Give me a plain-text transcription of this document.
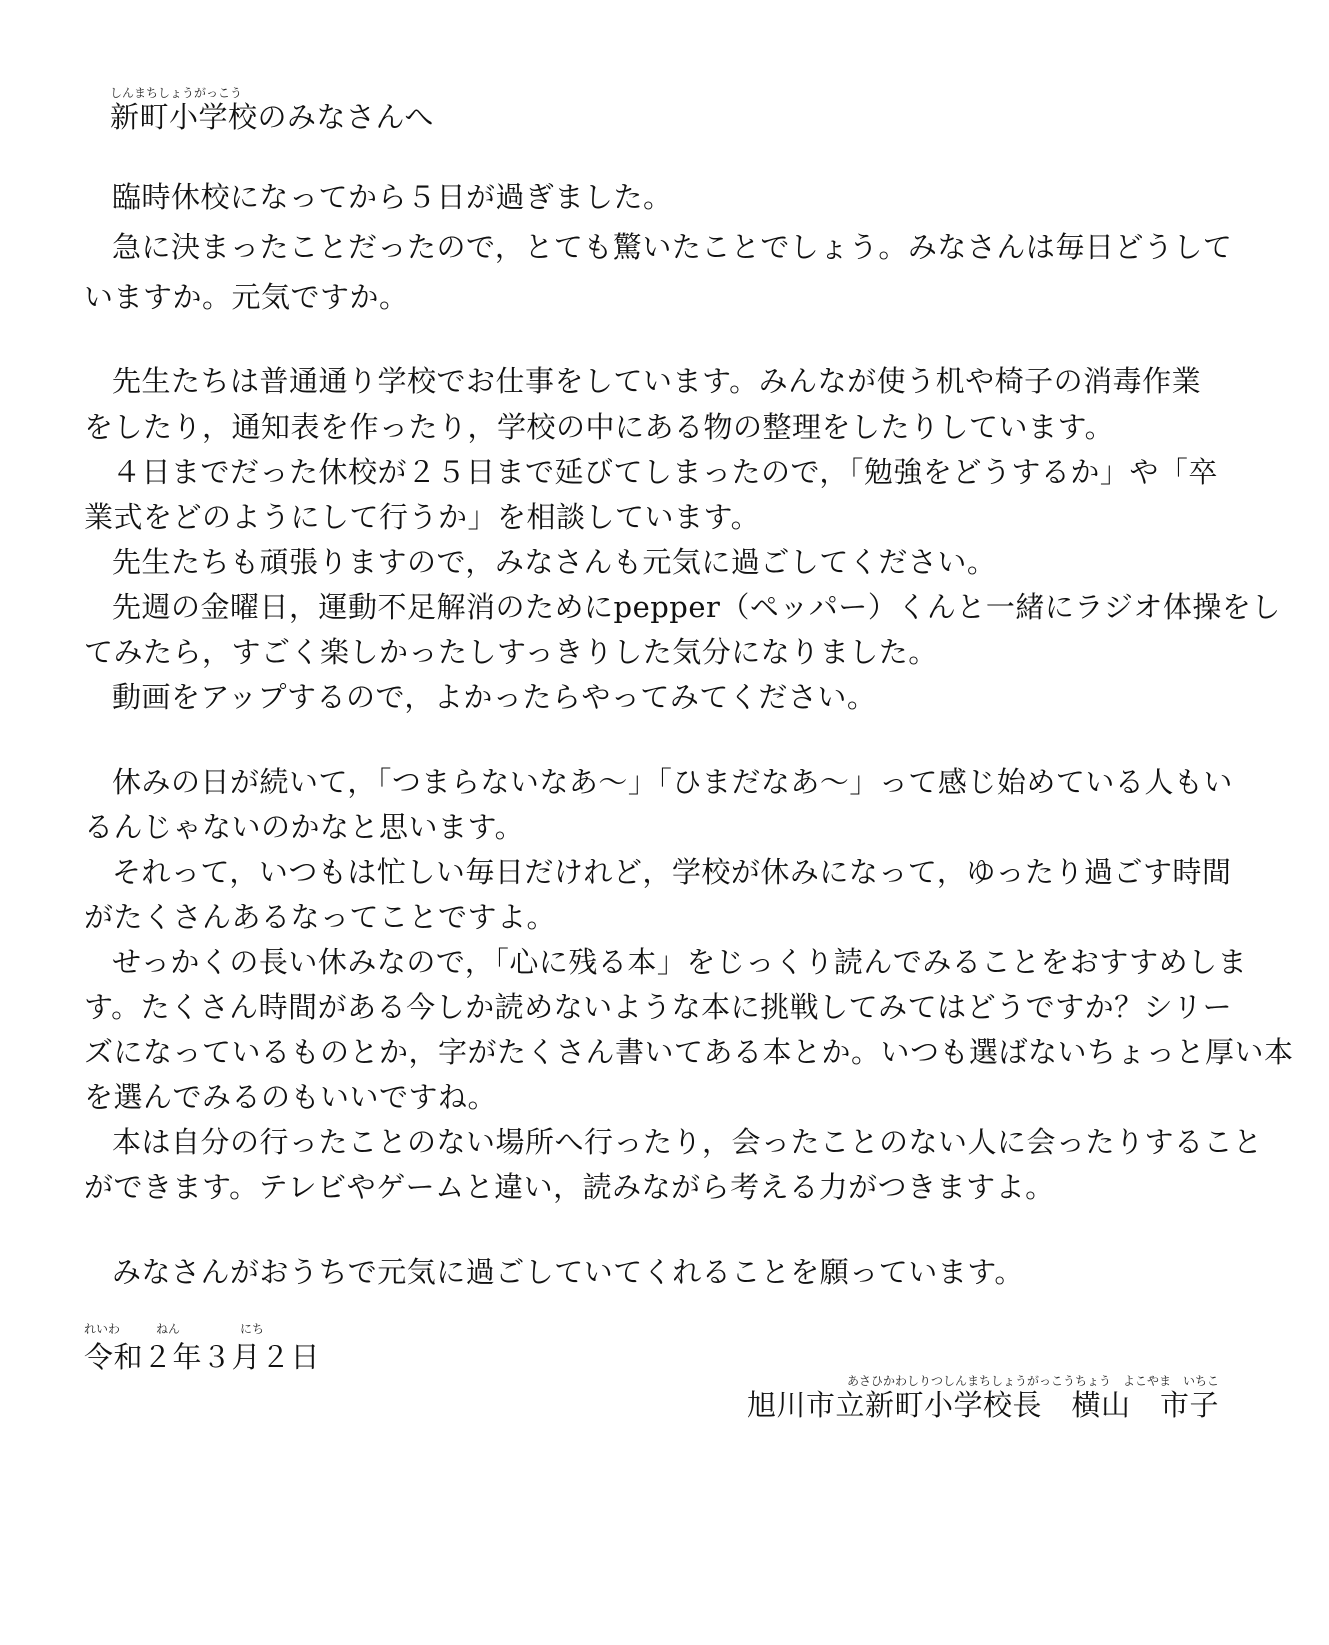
しんまちしょうがっこう
新町小学校のみなさんへ
臨時休校になってから５日が過ぎました。
急に決まったことだったので，とても驚いたことでしょう。みなさんは毎日どうして
いますか。元気ですか。
先生たちは普通通り学校でお仕事をしています。みんなが使う机や椅子の消毒作業
をしたり，通知表を作ったり，学校の中にある物の整理をしたりしています。
４日までだった休校が２５日まで延びてしまったので，「勉強をどうするか」や「卒
業式をどのようにして行うか」を相談しています。
先生たちも頑張りますので，みなさんも元気に過ごしてください。
先週の金曜日，運動不足解消のためにpepper（ペッパー）くんと一緒にラジオ体操をし
てみたら，すごく楽しかったしすっきりした気分になりました。
動画をアップするので，よかったらやってみてください。
休みの日が続いて，「つまらないなあ～」「ひまだなあ～」って感じ始めている人もい
るんじゃないのかなと思います。
それって，いつもは忙しい毎日だけれど，学校が休みになって，ゆったり過ごす時間
がたくさんあるなってことですよ。
せっかくの長い休みなので，「心に残る本」をじっくり読んでみることをおすすめしま
す。たくさん時間がある今しか読めないような本に挑戦してみてはどうですか？シリー
ズになっているものとか，字がたくさん書いてある本とか。いつも選ばないちょっと厚い本
を選んでみるのもいいですね。
本は自分の行ったことのない場所へ行ったり，会ったことのない人に会ったりすること
ができます。テレビやゲームと違い，読みながら考える力がつきますよ。
みなさんがおうちで元気に過ごしていてくれることを願っています。
れいわ　　　ねん　　　　　にち
令和２年３月２日
あさひかわしりつしんまちしょうがっこうちょう　よこやま　いちこ
旭川市立新町小学校長　横山　市子
